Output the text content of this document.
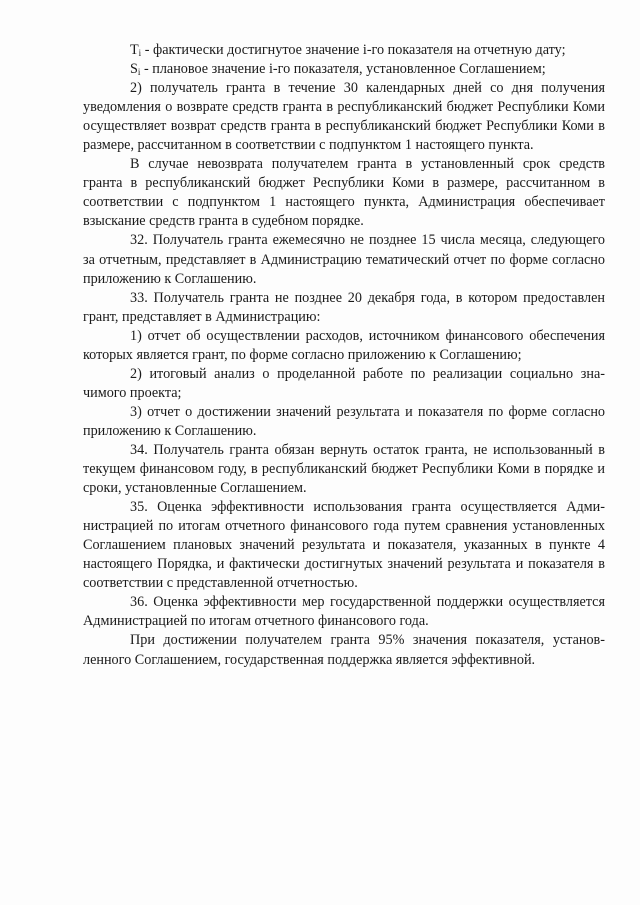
$T_i$ - фактически достигнутое значение i-го показателя на отчетную дату;

$S_i$ - плановое значение i-го показателя, установленное Соглашением;

2) получатель гранта в течение 30 календарных дней со дня получения уведомления о возврате средств гранта в республиканский бюджет Республики Коми осуществляет возврат средств гранта в республиканский бюджет Республики Коми в размере, рассчитанном в соответствии с подпунктом 1 настоящего пункта.

В случае невозврата получателем гранта в установленный срок средств гранта в республиканский бюджет Республики Коми в размере, рассчитанном в соответствии с подпунктом 1 настоящего пункта, Администрация обеспечивает взыскание средств гранта в судебном порядке.

32. Получатель гранта ежемесячно не позднее 15 числа месяца, следующего за отчетным, представляет в Администрацию тематический отчет по форме согласно приложению к Соглашению.

33. Получатель гранта не позднее 20 декабря года, в котором предоставлен грант, представляет в Администрацию:

1) отчет об осуществлении расходов, источником финансового обеспечения которых является грант, по форме согласно приложению к Соглашению;

2) итоговый анализ о проделанной работе по реализации социально значимого проекта;

3) отчет о достижении значений результата и показателя по форме согласно приложению к Соглашению.

34. Получатель гранта обязан вернуть остаток гранта, не использованный в текущем финансовом году, в республиканский бюджет Республики Коми в порядке и сроки, установленные Соглашением.

35. Оценка эффективности использования гранта осуществляется Администрацией по итогам отчетного финансового года путем сравнения установленных Соглашением плановых значений результата и показателя, указанных в пункте 4 настоящего Порядка, и фактически достигнутых значений результата и показателя в соответствии с представленной отчетностью.

36. Оценка эффективности мер государственной поддержки осуществляется Администрацией по итогам отчетного финансового года.

При достижении получателем гранта 95% значения показателя, установленного Соглашением, государственная поддержка является эффективной.
